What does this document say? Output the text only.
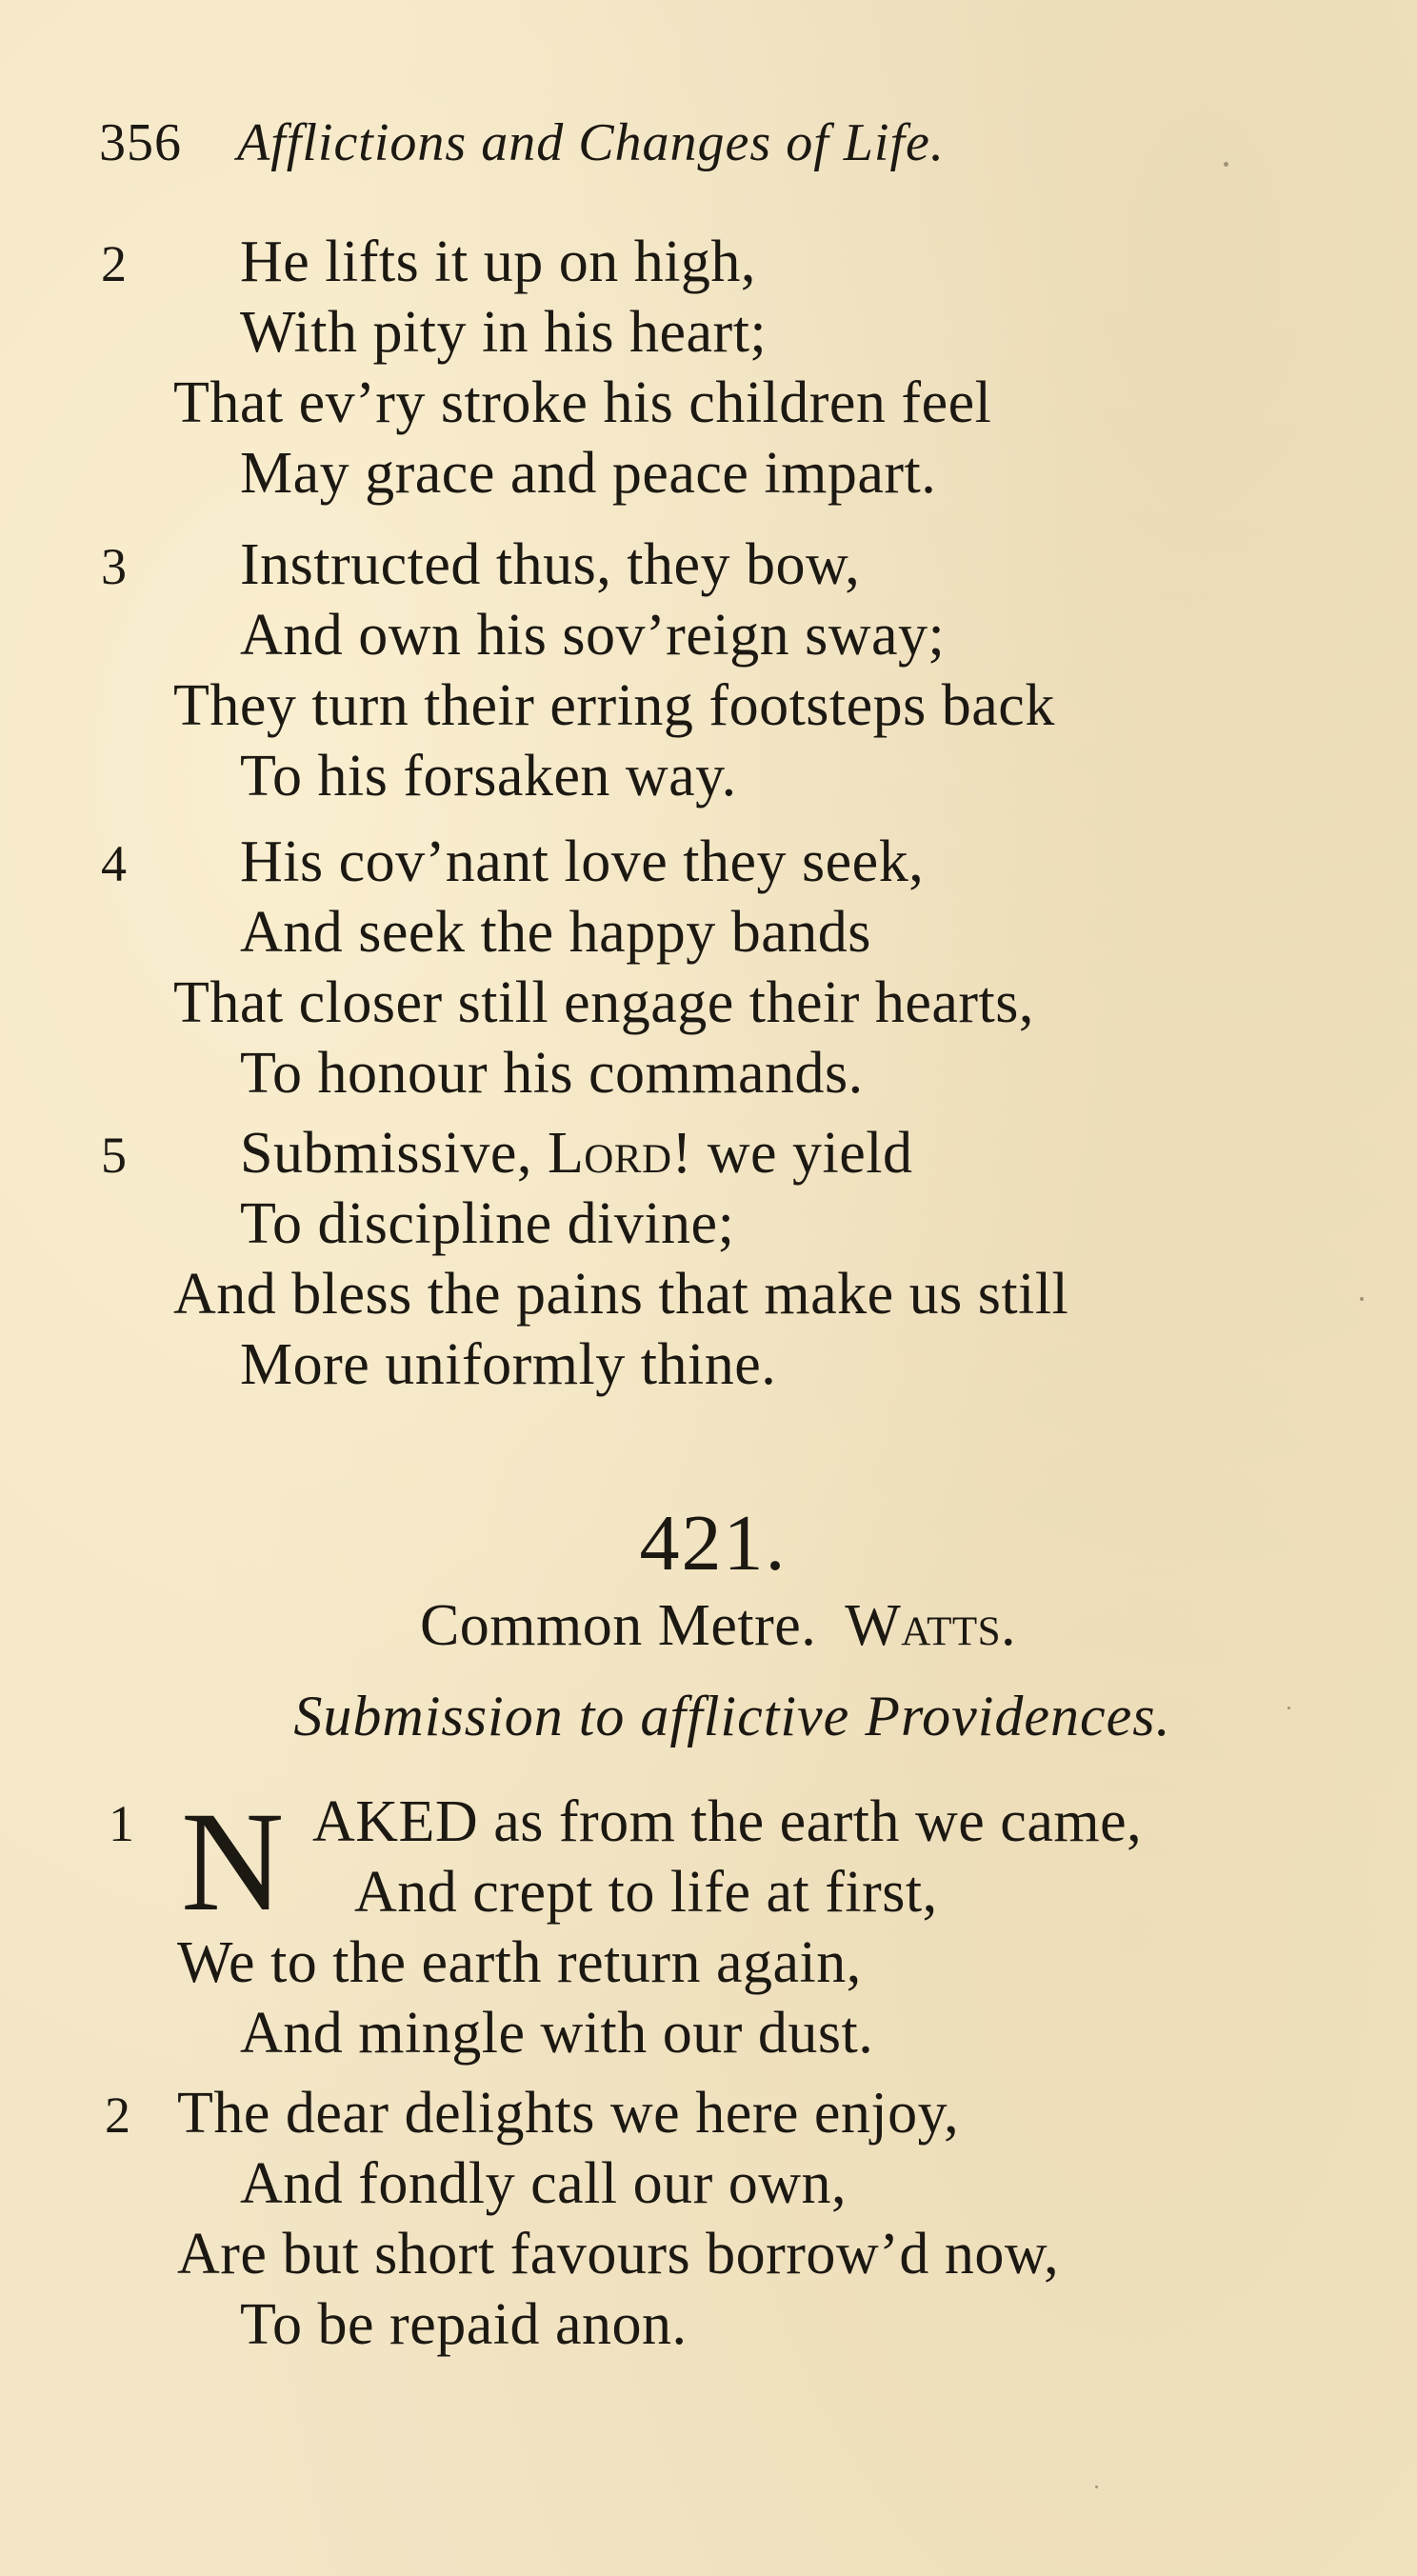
356 Afflictions and Changes of Life.
2 He lifts it up on high,
With pity in his heart;
That ev’ry stroke his children feel
May grace and peace impart.
3 Instructed thus, they bow,
And own his sov’reign sway;
They turn their erring footsteps back
To his forsaken way.
4 His cov’nant love they seek,
And seek the happy bands
That closer still engage their hearts,
To honour his commands.
5 Submissive, Lord! we yield
To discipline divine;
And bless the pains that make us still
More uniformly thine.
421.
Common Metre. Watts.
Submission to afflictive Providences.
1 N AKED as from the earth we came,
And crept to life at first,
We to the earth return again,
And mingle with our dust.
2 The dear delights we here enjoy,
And fondly call our own,
Are but short favours borrow’d now,
To be repaid anon.
